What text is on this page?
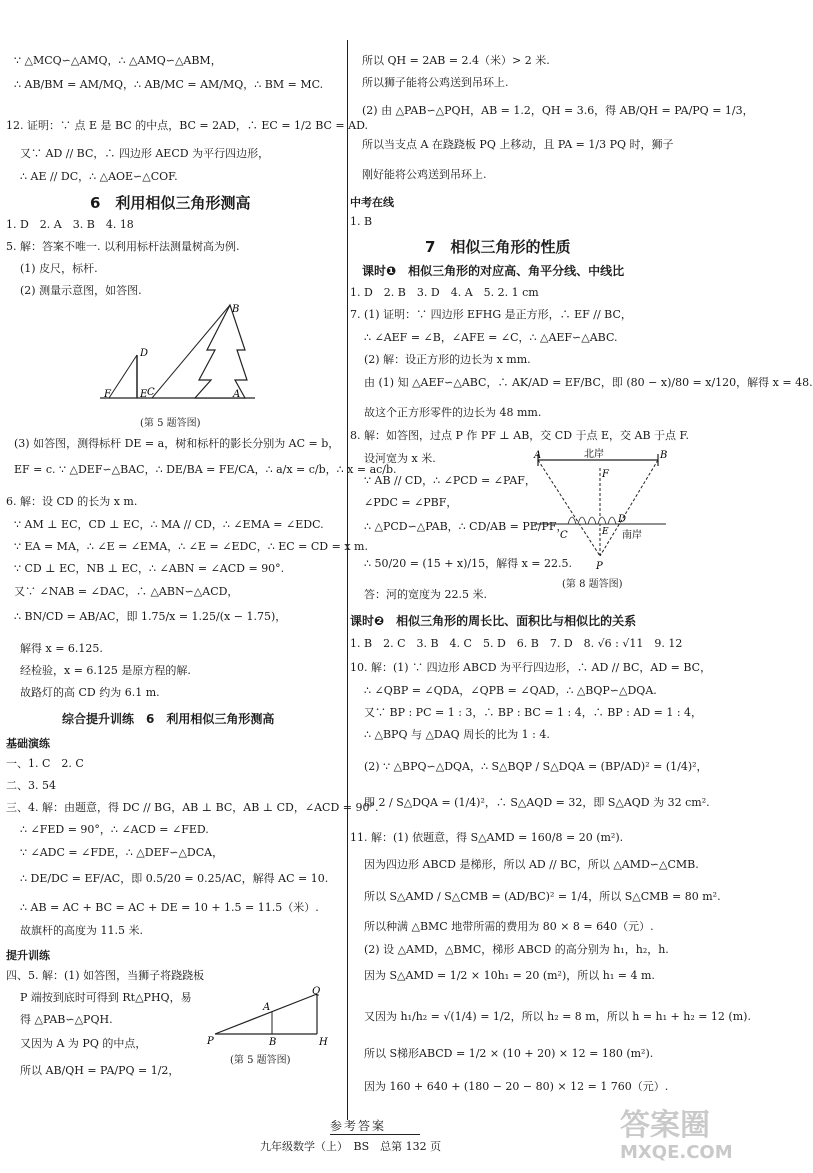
∵ △MCQ∽△AMQ，∴ △AMQ∽△ABM，
∴ AB/BM = AM/MQ，∴ AB/MC = AM/MQ，∴ BM = MC.
12. 证明：∵ 点 E 是 BC 的中点，BC = 2AD，∴ EC = 1/2 BC = AD.
又∵ AD // BC，∴ 四边形 AECD 为平行四边形，
∴ AE // DC，∴ △AOE∽△COF.
6　利用相似三角形测高
1. D　2. A　3. B　4. 18
5. 解：答案不唯一. 以利用标杆法测量树高为例.
(1) 皮尺，标杆.
(2) 测量示意图，如答图.
D
F	E C
B
A
(第 5 题答图)
(3) 如答图，测得标杆 DE = a，树和标杆的影长分别为 AC = b，
EF = c. ∵ △DEF∽△BAC，∴ DE/BA = FE/CA，∴ a/x = c/b，∴ x = ac/b.
6. 解：设 CD 的长为 x m.
∵ AM ⊥ EC，CD ⊥ EC，∴ MA // CD，∴ ∠EMA = ∠EDC.
∵ EA = MA，∴ ∠E = ∠EMA，∴ ∠E = ∠EDC，∴ EC = CD = x m.
∵ CD ⊥ EC，NB ⊥ EC，∴ ∠ABN = ∠ACD = 90°.
又∵ ∠NAB = ∠DAC，∴ △ABN∽△ACD，
∴ BN/CD = AB/AC，即 1.75/x = 1.25/(x − 1.75)，
解得 x = 6.125.
经检验，x = 6.125 是原方程的解.
故路灯的高 CD 约为 6.1 m.
综合提升训练　6　利用相似三角形测高
基础演练
一、1. C　2. C
二、3. 54
三、4. 解：由题意，得 DC // BG，AB ⊥ BC，AB ⊥ CD，∠ACD = 90°.
∴ ∠FED = 90°，∴ ∠ACD = ∠FED.
∵ ∠ADC = ∠FDE，∴ △DEF∽△DCA，
∴ DE/DC = EF/AC，即 0.5/20 = 0.25/AC，解得 AC = 10.
∴ AB = AC + BC = AC + DE = 10 + 1.5 = 11.5（米）.
故旗杆的高度为 11.5 米.
提升训练
四、5. 解：(1) 如答图，当狮子将跷跷板
P 端按到底时可得到 Rt△PHQ，易
得 △PAB∽△PQH.
又因为 A 为 PQ 的中点，
所以 AB/QH = PA/PQ = 1/2，
P
A
B
Q
H
(第 5 题答图)
所以 QH = 2AB = 2.4（米）> 2 米.
所以狮子能将公鸡送到吊环上.
(2) 由 △PAB∽△PQH，AB = 1.2，QH = 3.6，得 AB/QH = PA/PQ = 1/3，
所以当支点 A 在跷跷板 PQ 上移动，且 PA = 1/3 PQ 时，狮子
刚好能将公鸡送到吊环上.
中考在线
1. B
7　相似三角形的性质
课时❶　相似三角形的对应高、角平分线、中线比
1. D　2. B　3. D　4. A　5. 2. 1 cm
7. (1) 证明：∵ 四边形 EFHG 是正方形，∴ EF // BC，
∴ ∠AEF = ∠B，∠AFE = ∠C，∴ △AEF∽△ABC.
(2) 解：设正方形的边长为 x mm.
由 (1) 知 △AEF∽△ABC，∴ AK/AD = EF/BC，即 (80 − x)/80 = x/120，解得 x = 48.
故这个正方形零件的边长为 48 mm.
8. 解：如答图，过点 P 作 PF ⊥ AB，交 CD 于点 E，交 AB 于点 F.
设河宽为 x 米.
∵ AB // CD，∴ ∠PCD = ∠PAF，
∠PDC = ∠PBF，
∴ △PCD∽△PAB，∴ CD/AB = PE/PF，
∴ 50/20 = (15 + x)/15，解得 x = 22.5.
答：河的宽度为 22.5 米.
A	B
F
C
D
E
P
北岸
南岸
(第 8 题答图)
课时❷　相似三角形的周长比、面积比与相似比的关系
1. B　2. C　3. B　4. C　5. D　6. B　7. D　8. √6 : √11　9. 12
10. 解：(1) ∵ 四边形 ABCD 为平行四边形，∴ AD // BC，AD = BC，
∴ ∠QBP = ∠QDA，∠QPB = ∠QAD，∴ △BQP∽△DQA.
又∵ BP : PC = 1 : 3，∴ BP : BC = 1 : 4，∴ BP : AD = 1 : 4，
∴ △BPQ 与 △DAQ 周长的比为 1 : 4.
(2) ∵ △BPQ∽△DQA，∴ S△BQP / S△DQA = (BP/AD)² = (1/4)²，
即 2 / S△DQA = (1/4)²，∴ S△AQD = 32，即 S△AQD 为 32 cm².
11. 解：(1) 依题意，得 S△AMD = 160/8 = 20 (m²).
因为四边形 ABCD 是梯形，所以 AD // BC，所以 △AMD∽△CMB.
所以 S△AMD / S△CMB = (AD/BC)² = 1/4，所以 S△CMB = 80 m².
所以种满 △BMC 地带所需的费用为 80 × 8 = 640（元）.
(2) 设 △AMD，△BMC，梯形 ABCD 的高分别为 h₁，h₂，h.
因为 S△AMD = 1/2 × 10h₁ = 20 (m²)，所以 h₁ = 4 m.
又因为 h₁/h₂ = √(1/4) = 1/2，所以 h₂ = 8 m，所以 h = h₁ + h₂ = 12 (m).
所以 S梯形ABCD = 1/2 × (10 + 20) × 12 = 180 (m²).
因为 160 + 640 + (180 − 20 − 80) × 12 = 1 760（元）.
参考答案
九年级数学（上）　BS　总第 132 页
答案圈
MXQE.COM
